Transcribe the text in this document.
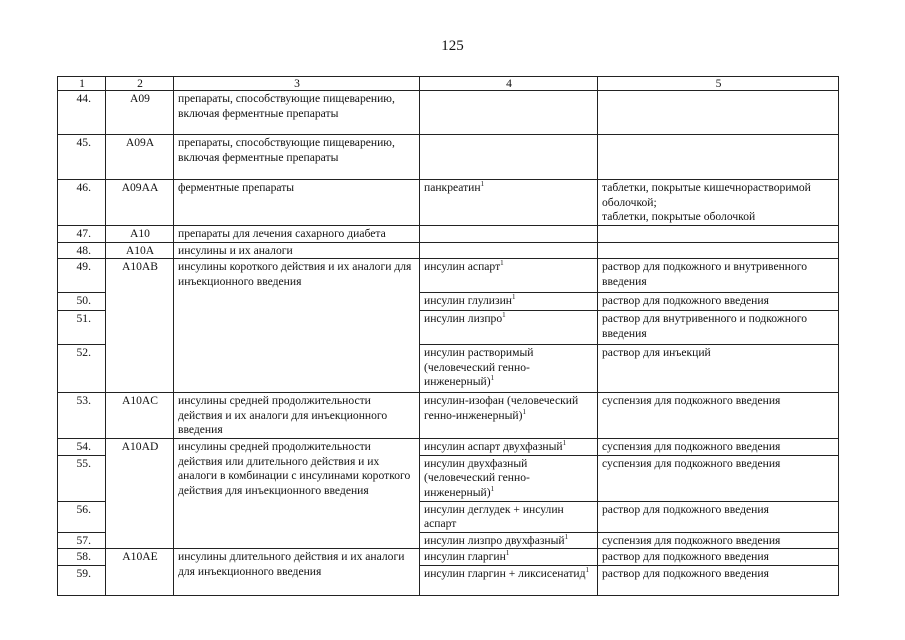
125
1	2	3	4	5
44.	A09	препараты, способствующие пищеварению, включая ферментные препараты		
45.	A09A	препараты, способствующие пищеварению, включая ферментные препараты		
46.	A09AA	ферментные препараты	панкреатин$^1$	таблетки, покрытые кишечнорастворимой оболочкой;
таблетки, покрытые оболочкой
47.	A10	препараты для лечения сахарного диабета		
48.	A10A	инсулины и их аналоги		
49.	A10AB	инсулины короткого действия и их аналоги для инъекционного введения	инсулин аспарт$^1$	раствор для подкожного и внутривенного введения
50.			инсулин глулизин$^1$	раствор для подкожного введения
51.			инсулин лизпро$^1$	раствор для внутривенного и подкожного введения
52.			инсулин растворимый (человеческий генно-инженерный)$^1$	раствор для инъекций
53.	A10AC	инсулины средней продолжительности действия и их аналоги для инъекционного введения	инсулин-изофан (человеческий генно-инженерный)$^1$	суспензия для подкожного введения
54.	A10AD	инсулины средней продолжительности действия или длительного действия и их аналоги в комбинации с инсулинами короткого действия для инъекционного введения	инсулин аспарт двухфазный$^1$	суспензия для подкожного введения
55.			инсулин двухфазный (человеческий генно-инженерный)$^1$	суспензия для подкожного введения
56.			инсулин деглудек + инсулин аспарт	раствор для подкожного введения
57.			инсулин лизпро двухфазный$^1$	суспензия для подкожного введения
58.	A10AE	инсулины длительного действия и их аналоги для инъекционного введения	инсулин гларгин$^1$	раствор для подкожного введения
59.			инсулин гларгин + ликсисенатид$^1$	раствор для подкожного введения
